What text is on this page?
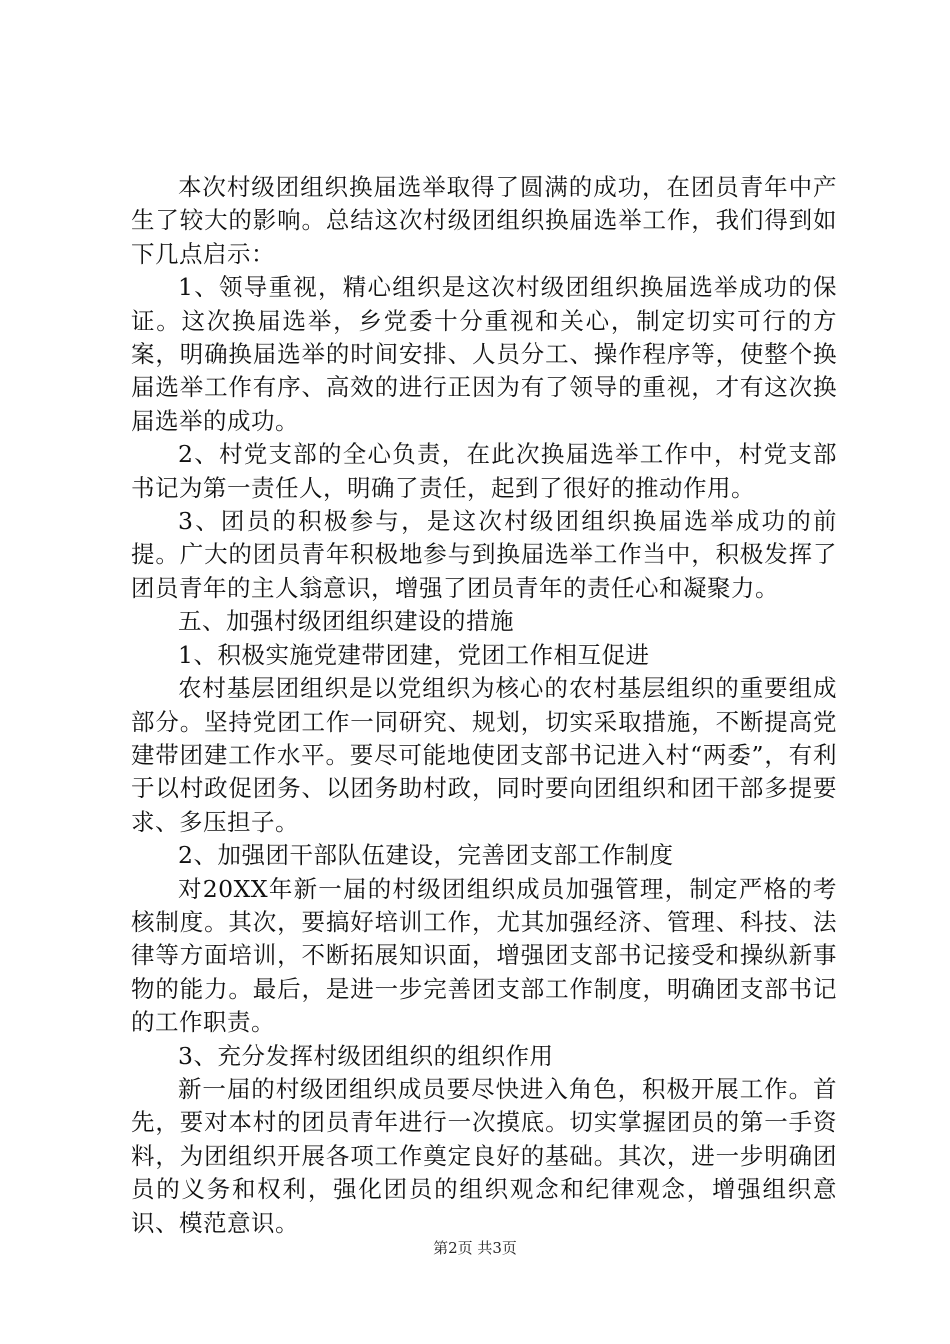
本次村级团组织换届选举取得了圆满的成功，在团员青年中产生了较大的影响。总结这次村级团组织换届选举工作，我们得到如下几点启示：

1、领导重视，精心组织是这次村级团组织换届选举成功的保证。这次换届选举，乡党委十分重视和关心，制定切实可行的方案，明确换届选举的时间安排、人员分工、操作程序等，使整个换届选举工作有序、高效的进行正因为有了领导的重视，才有这次换届选举的成功。

2、村党支部的全心负责，在此次换届选举工作中，村党支部书记为第一责任人，明确了责任，起到了很好的推动作用。

3、团员的积极参与，是这次村级团组织换届选举成功的前提。广大的团员青年积极地参与到换届选举工作当中，积极发挥了团员青年的主人翁意识，增强了团员青年的责任心和凝聚力。

五、加强村级团组织建设的措施

1、积极实施党建带团建，党团工作相互促进

农村基层团组织是以党组织为核心的农村基层组织的重要组成部分。坚持党团工作一同研究、规划，切实采取措施，不断提高党建带团建工作水平。要尽可能地使团支部书记进入村“两委”，有利于以村政促团务、以团务助村政，同时要向团组织和团干部多提要求、多压担子。

2、加强团干部队伍建设，完善团支部工作制度

对20XX年新一届的村级团组织成员加强管理，制定严格的考核制度。其次，要搞好培训工作，尤其加强经济、管理、科技、法律等方面培训，不断拓展知识面，增强团支部书记接受和操纵新事物的能力。最后，是进一步完善团支部工作制度，明确团支部书记的工作职责。

3、充分发挥村级团组织的组织作用

新一届的村级团组织成员要尽快进入角色，积极开展工作。首先，要对本村的团员青年进行一次摸底。切实掌握团员的第一手资料，为团组织开展各项工作奠定良好的基础。其次，进一步明确团员的义务和权利，强化团员的组织观念和纪律观念，增强组织意识、模范意识。

第2页 共3页
